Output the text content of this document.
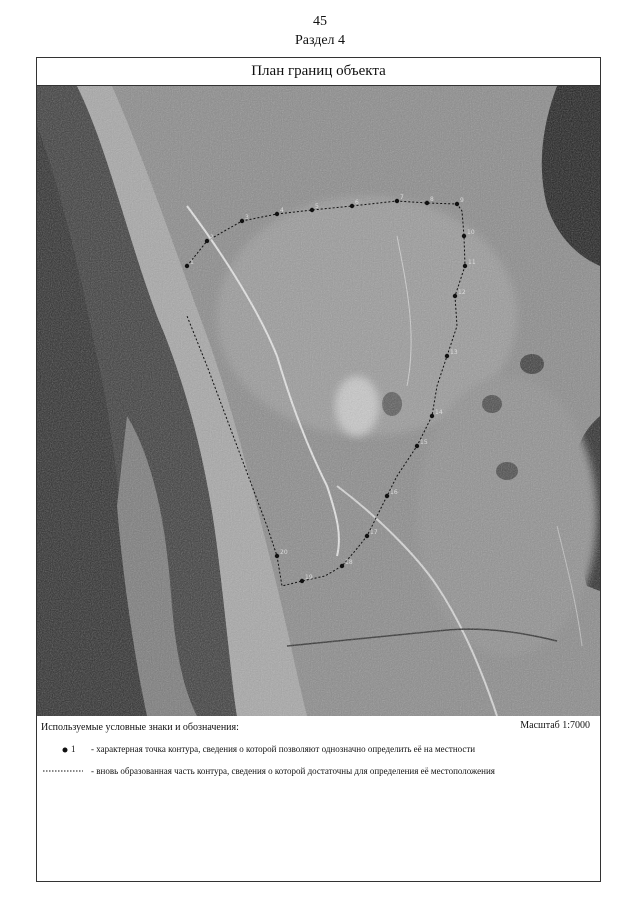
45
Раздел 4
План границ объекта
1
2
3
4
5
6
7	8	9
10
11
12
13
14
15
16
17
18
19
20
Используемые условные знаки и обозначения:	Масштаб 1:7000
1 - характерная точка контура, сведения о которой позволяют однозначно определить её на местности
- вновь образованная часть контура, сведения о которой достаточны для определения её местоположения
